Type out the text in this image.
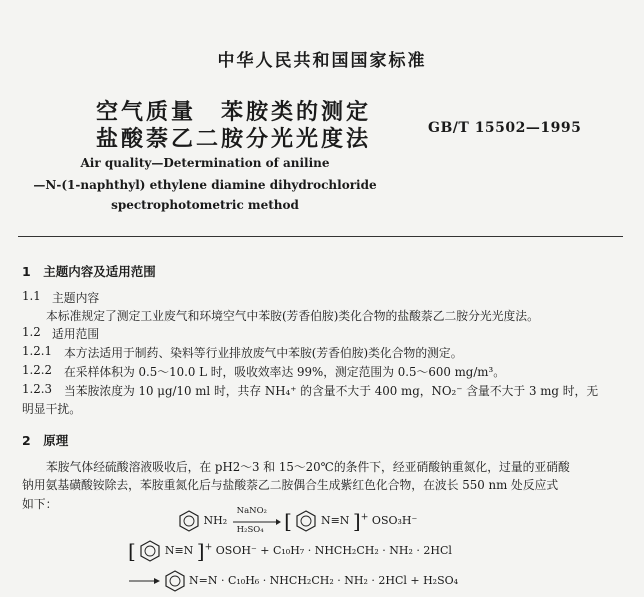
中华人民共和国国家标准
空气质量　苯胺类的测定
盐酸萘乙二胺分光光度法	GB/T 15502—1995
Air quality—Determination of aniline
—N-(1-naphthyl) ethylene diamine dihydrochloride
spectrophotometric method
1　主题内容及适用范围
1.1 主题内容
本标准规定了测定工业废气和环境空气中苯胺(芳香伯胺)类化合物的盐酸萘乙二胺分光光度法。
1.2 适用范围
1.2.1 本方法适用于制药、染料等行业排放废气中苯胺(芳香伯胺)类化合物的测定。
1.2.2 在采样体积为 0.5～10.0 L 时，吸收效率达 99%，测定范围为 0.5～600 mg/m³。
1.2.3 当苯胺浓度为 10 μg/10 ml 时，共存 NH₄⁺ 的含量不大于 400 mg，NO₂⁻ 含量不大于 3 mg 时，无
明显干扰。
2　原理
苯胺气体经硫酸溶液吸收后，在 pH2～3 和 15～20℃的条件下，经亚硝酸钠重氮化，过量的亚硝酸
钠用氨基磺酸铵除去，苯胺重氮化后与盐酸萘乙二胺偶合生成紫红色化合物，在波长 550 nm 处反应式
如下：
NH₂
NaNO₂
H₂SO₄ [	N≡N ]+ OSO₃H⁻
[	N≡N ]+ OSOH⁻ + C₁₀H₇ · NHCH₂CH₂ · NH₂ · 2HCl
N=N · C₁₀H₆ · NHCH₂CH₂ · NH₂ · 2HCl + H₂SO₄
